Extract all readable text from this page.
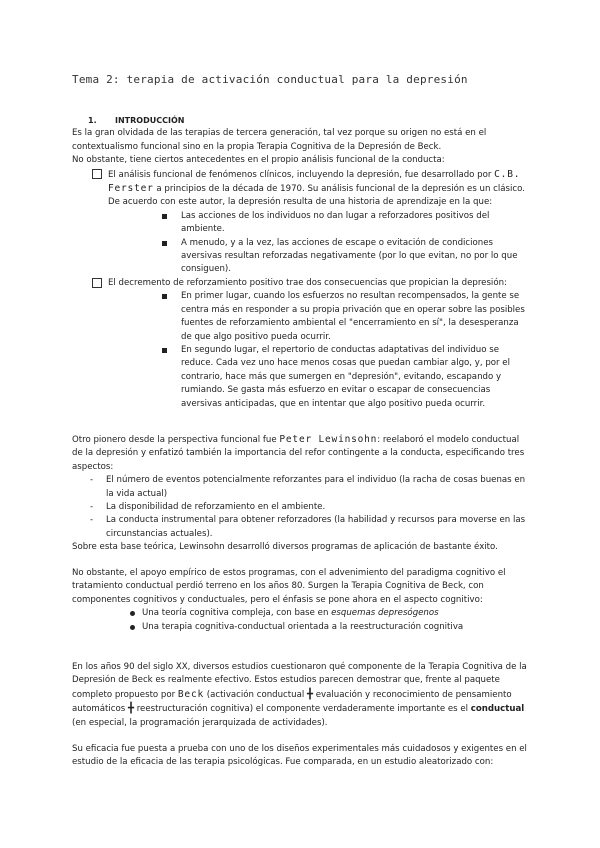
Tema 2: terapia de activación conductual para la depresión

1. INTRODUCCIÓN

Es la gran olvidada de las terapias de tercera generación, tal vez porque su origen no está en el contextualismo funcional sino en la propia Terapia Cognitiva de la Depresión de Beck.

No obstante, tiene ciertos antecedentes en el propio análisis funcional de la conducta:

El análisis funcional de fenómenos clínicos, incluyendo la depresión, fue desarrollado por C.B. Ferster a principios de la década de 1970. Su análisis funcional de la depresión es un clásico.

De acuerdo con este autor, la depresión resulta de una historia de aprendizaje en la que:

Las acciones de los individuos no dan lugar a reforzadores positivos del ambiente.
A menudo, y a la vez, las acciones de escape o evitación de condiciones aversivas resultan reforzadas negativamente (por lo que evitan, no por lo que consiguen).

El decremento de reforzamiento positivo trae dos consecuencias que propician la depresión:

En primer lugar, cuando los esfuerzos no resultan recompensados, la gente se centra más en responder a su propia privación que en operar sobre las posibles fuentes de reforzamiento ambiental el "encerramiento en sí", la desesperanza de que algo positivo pueda ocurrir.
En segundo lugar, el repertorio de conductas adaptativas del individuo se reduce. Cada vez uno hace menos cosas que puedan cambiar algo, y, por el contrario, hace más que sumergen en "depresión", evitando, escapando y rumiando. Se gasta más esfuerzo en evitar o escapar de consecuencias aversivas anticipadas, que en intentar que algo positivo pueda ocurrir.

Otro pionero desde la perspectiva funcional fue Peter Lewinsohn: reelaboró el modelo conductual de la depresión y enfatizó también la importancia del refor contingente a la conducta, especificando tres aspectos:

- El número de eventos potencialmente reforzantes para el individuo (la racha de cosas buenas en la vida actual)
- La disponibilidad de reforzamiento en el ambiente.
- La conducta instrumental para obtener reforzadores (la habilidad y recursos para moverse en las circunstancias actuales).

Sobre esta base teórica, Lewinsohn desarrolló diversos programas de aplicación de bastante éxito.

No obstante, el apoyo empírico de estos programas, con el advenimiento del paradigma cognitivo el tratamiento conductual perdió terreno en los años 80. Surgen la Terapia Cognitiva de Beck, con componentes cognitivos y conductuales, pero el énfasis se pone ahora en el aspecto cognitivo:

Una teoría cognitiva compleja, con base en esquemas depresógenos
Una terapia cognitiva-conductual orientada a la reestructuración cognitiva

En los años 90 del siglo XX, diversos estudios cuestionaron qué componente de la Terapia Cognitiva de la Depresión de Beck es realmente efectivo. Estos estudios parecen demostrar que, frente al paquete completo propuesto por Beck (activación conductual ╋ evaluación y reconocimiento de pensamiento automáticos ╋ reestructuración cognitiva) el componente verdaderamente importante es el conductual (en especial, la programación jerarquizada de actividades).

Su eficacia fue puesta a prueba con uno de los diseños experimentales más cuidadosos y exigentes en el estudio de la eficacia de las terapia psicológicas. Fue comparada, en un estudio aleatorizado con:
